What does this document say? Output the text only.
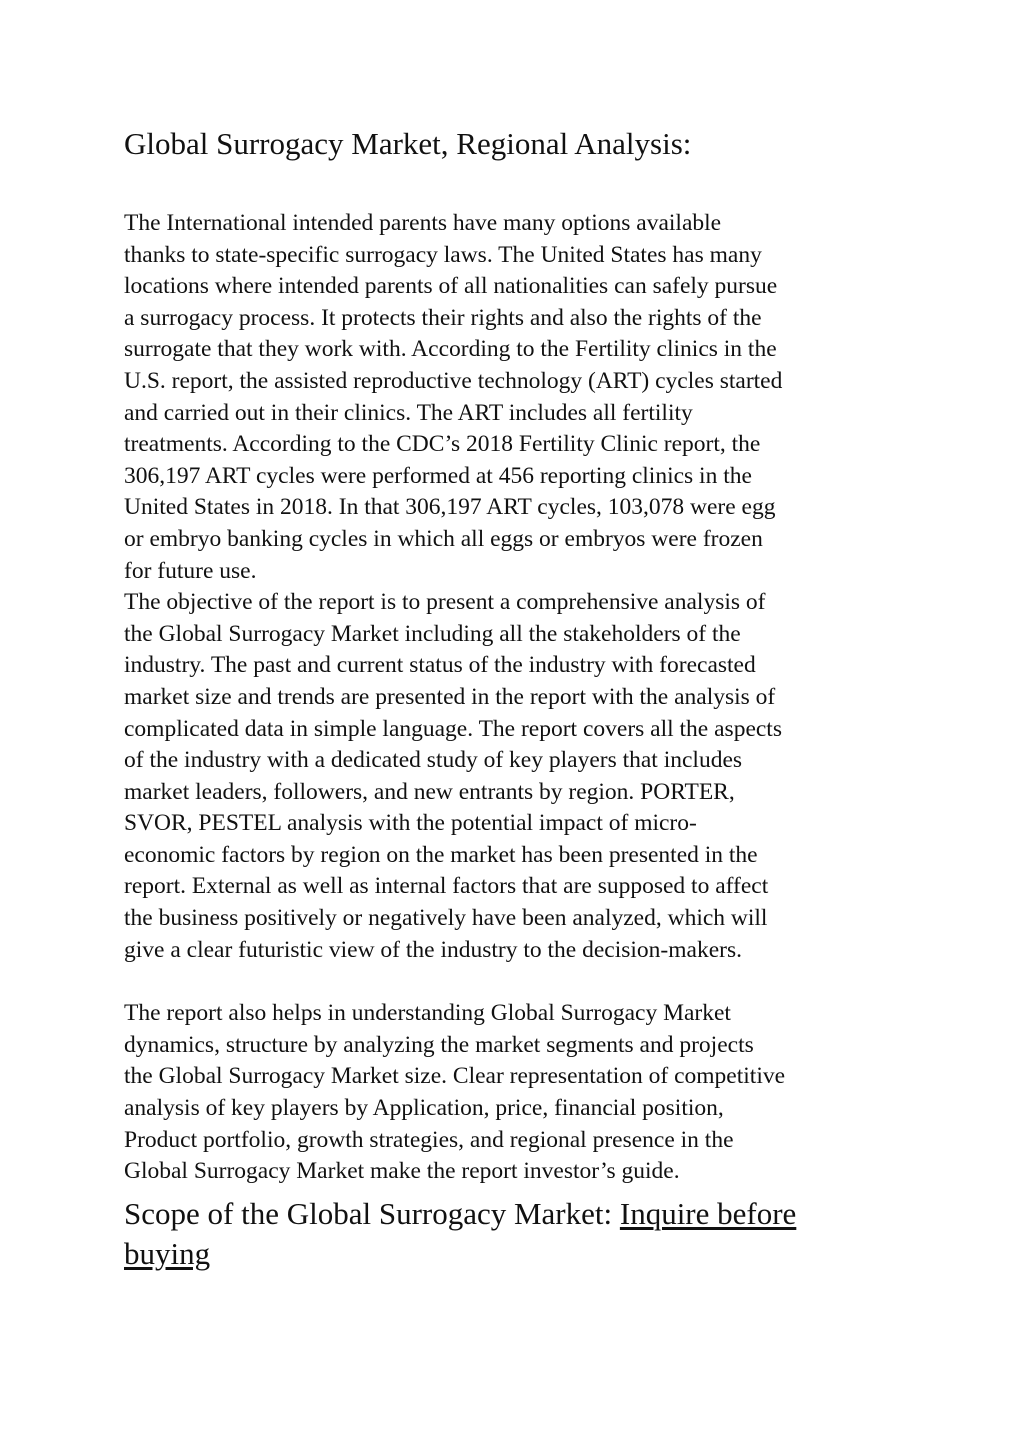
Global Surrogacy Market, Regional Analysis:

The International intended parents have many options available
thanks to state-specific surrogacy laws. The United States has many
locations where intended parents of all nationalities can safely pursue
a surrogacy process. It protects their rights and also the rights of the
surrogate that they work with. According to the Fertility clinics in the
U.S. report, the assisted reproductive technology (ART) cycles started
and carried out in their clinics. The ART includes all fertility
treatments. According to the CDC’s 2018 Fertility Clinic report, the
306,197 ART cycles were performed at 456 reporting clinics in the
United States in 2018. In that 306,197 ART cycles, 103,078 were egg
or embryo banking cycles in which all eggs or embryos were frozen
for future use.

The objective of the report is to present a comprehensive analysis of
the Global Surrogacy Market including all the stakeholders of the
industry. The past and current status of the industry with forecasted
market size and trends are presented in the report with the analysis of
complicated data in simple language. The report covers all the aspects
of the industry with a dedicated study of key players that includes
market leaders, followers, and new entrants by region. PORTER,
SVOR, PESTEL analysis with the potential impact of micro-
economic factors by region on the market has been presented in the
report. External as well as internal factors that are supposed to affect
the business positively or negatively have been analyzed, which will
give a clear futuristic view of the industry to the decision-makers.

The report also helps in understanding Global Surrogacy Market
dynamics, structure by analyzing the market segments and projects
the Global Surrogacy Market size. Clear representation of competitive
analysis of key players by Application, price, financial position,
Product portfolio, growth strategies, and regional presence in the
Global Surrogacy Market make the report investor’s guide.

Scope of the Global Surrogacy Market: Inquire before
buying
